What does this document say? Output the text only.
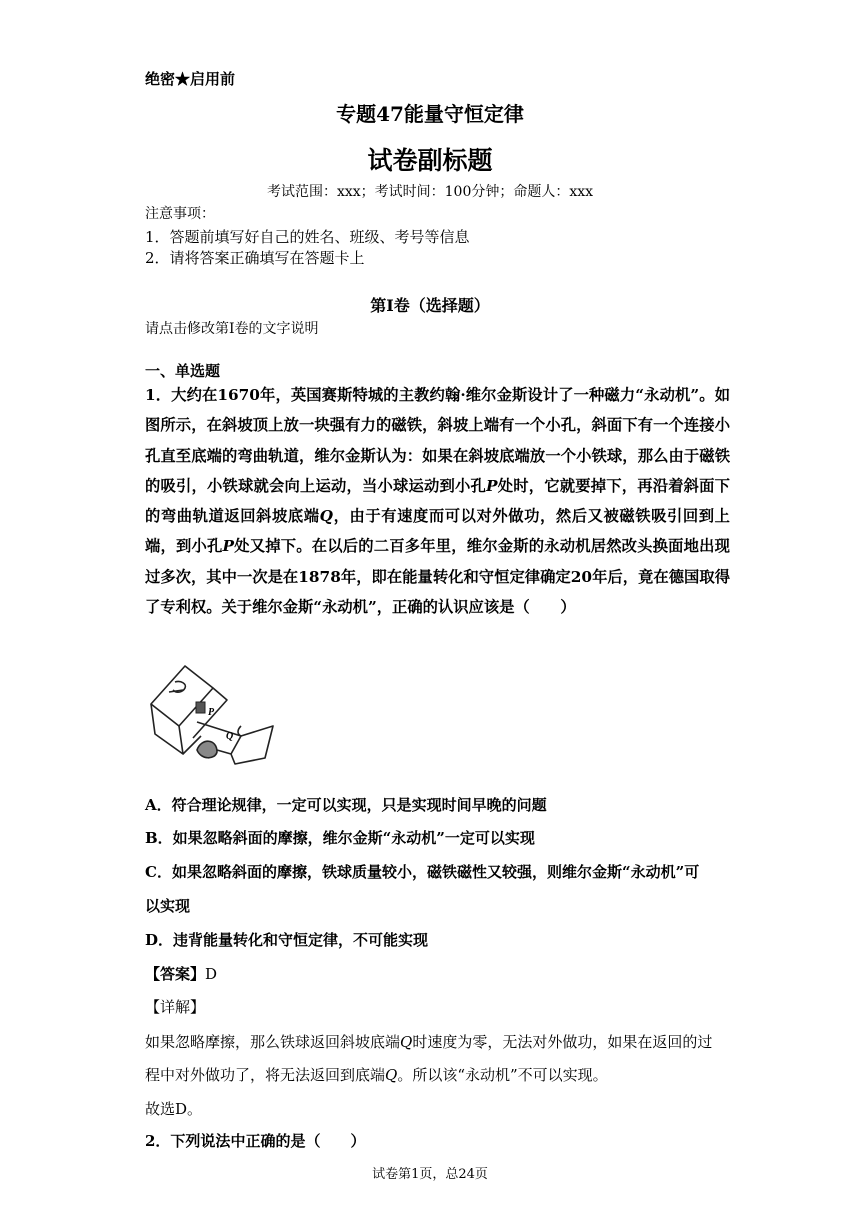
绝密★启用前
专题47能量守恒定律
试卷副标题
考试范围：xxx；考试时间：100分钟；命题人：xxx
注意事项：
1．答题前填写好自己的姓名、班级、考号等信息
2．请将答案正确填写在答题卡上
第I卷（选择题）
请点击修改第I卷的文字说明
一、单选题
1．大约在1670年，英国赛斯特城的主教约翰·维尔金斯设计了一种磁力“永动机”。如图所示，在斜坡顶上放一块强有力的磁铁，斜坡上端有一个小孔，斜面下有一个连接小孔直至底端的弯曲轨道，维尔金斯认为：如果在斜坡底端放一个小铁球，那么由于磁铁的吸引，小铁球就会向上运动，当小球运动到小孔P处时，它就要掉下，再沿着斜面下的弯曲轨道返回斜坡底端Q，由于有速度而可以对外做功，然后又被磁铁吸引回到上端，到小孔P处又掉下。在以后的二百多年里，维尔金斯的永动机居然改头换面地出现过多次，其中一次是在1878年，即在能量转化和守恒定律确定20年后，竟在德国取得了专利权。关于维尔金斯“永动机”，正确的认识应该是（　　）
P
Q
A．符合理论规律，一定可以实现，只是实现时间早晚的问题
B．如果忽略斜面的摩擦，维尔金斯“永动机”一定可以实现
C．如果忽略斜面的摩擦，铁球质量较小，磁铁磁性又较强，则维尔金斯“永动机”可
以实现
D．违背能量转化和守恒定律，不可能实现
【答案】D
【详解】
如果忽略摩擦，那么铁球返回斜坡底端Q时速度为零，无法对外做功，如果在返回的过程中对外做功了，将无法返回到底端Q。所以该“永动机”不可以实现。
故选D。
2．下列说法中正确的是（　　）
试卷第1页，总24页
